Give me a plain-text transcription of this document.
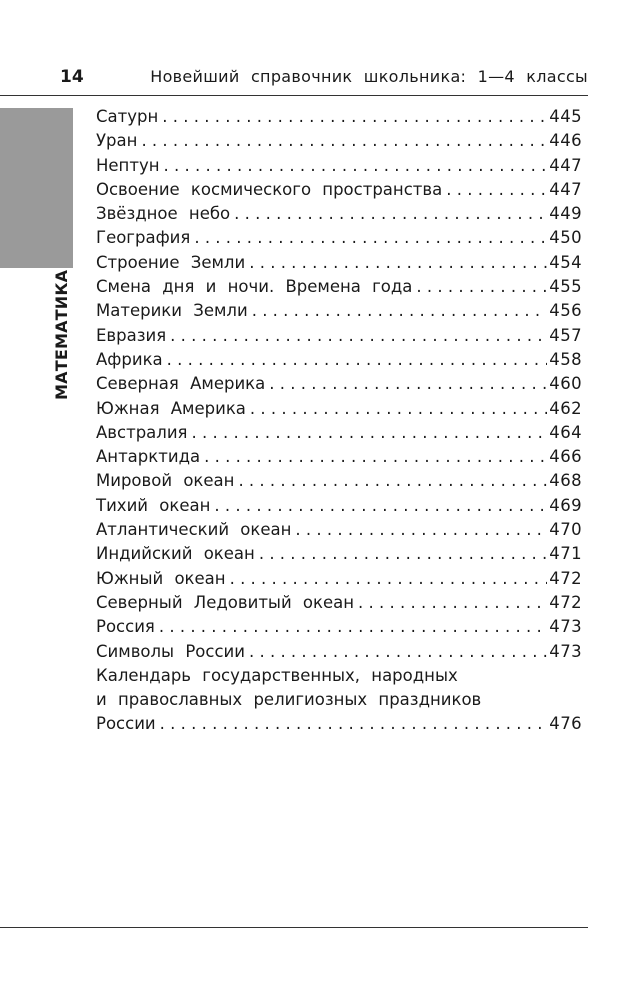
14	Новейший справочник школьника: 1—4 классы
МАТЕМАТИКА
Сатурн . . .	445
Уран . . .	446
Нептун . . .	447
Освоение космического пространства . . .	447
Звёздное небо . . .	449
География . . .	450
Строение Земли . . .	454
Смена дня и ночи. Времена года . . .	455
Материки Земли . . .	456
Евразия . . .	457
Африка . . .	458
Северная Америка . . .	460
Южная Америка . . .	462
Австралия . . .	464
Антарктида . . .	466
Мировой океан . . .	468
Тихий океан . . .	469
Атлантический океан . . .	470
Индийский океан . . .	471
Южный океан . . .	472
Северный Ледовитый океан . . .	472
Россия . . .	473
Символы России . . .	473
Календарь государственных, народных
и православных религиозных праздников
России . . .	476
